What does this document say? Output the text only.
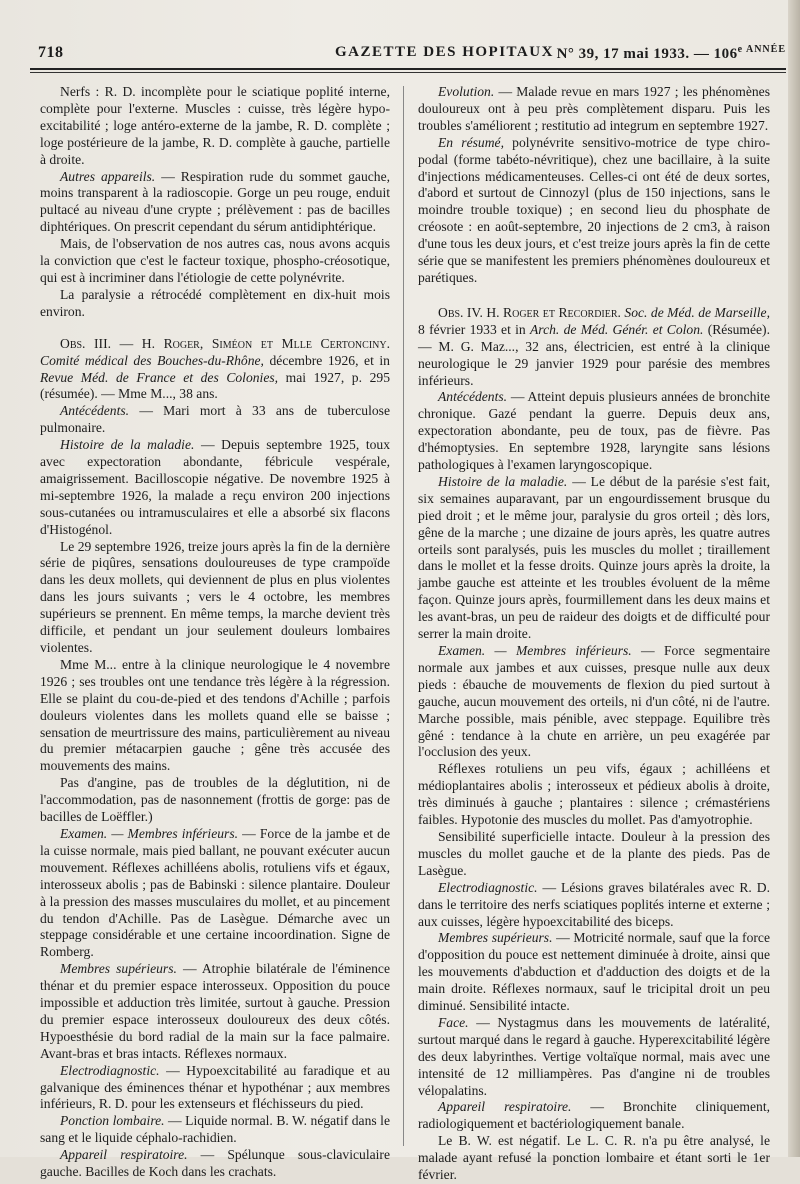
718	GAZETTE DES HOPITAUX N° 39, 17 mai 1933. — $106^{e ANNÉE}$

Nerfs : R. D. incomplète pour le sciatique poplité interne, complète pour l'externe. Muscles : cuisse, très légère hypo-excitabilité ; loge antéro-externe de la jambe, R. D. complète ; loge postérieure de la jambe, R. D. complète à gauche, partielle à droite.

Autres appareils. — Respiration rude du sommet gauche, moins transparent à la radioscopie. Gorge un peu rouge, enduit pultacé au niveau d'une crypte ; prélèvement : pas de bacilles diphtériques. On prescrit cependant du sérum antidiphtérique.

Mais, de l'observation de nos autres cas, nous avons acquis la conviction que c'est le facteur toxique, phospho-créosotique, qui est à incriminer dans l'étiologie de cette polynévrite.

La paralysie a rétrocédé complètement en dix-huit mois environ.

Obs. III. — H. Roger, Siméon et Mlle Certonciny. Comité médical des Bouches-du-Rhône, décembre 1926, et in Revue Méd. de France et des Colonies, mai 1927, p. 295 (résumée). — Mme M..., 38 ans.

Antécédents. — Mari mort à 33 ans de tuberculose pulmonaire.

Histoire de la maladie. — Depuis septembre 1925, toux avec expectoration abondante, fébricule vespérale, amaigrissement. Bacilloscopie négative. De novembre 1925 à mi-septembre 1926, la malade a reçu environ 200 injections sous-cutanées ou intramusculaires et elle a absorbé six flacons d'Histogénol.

Le 29 septembre 1926, treize jours après la fin de la dernière série de piqûres, sensations douloureuses de type crampoïde dans les deux mollets, qui deviennent de plus en plus violentes dans les jours suivants ; vers le 4 octobre, les membres supérieurs se prennent. En même temps, la marche devient très difficile, et pendant un jour seulement douleurs lombaires violentes.

Mme M... entre à la clinique neurologique le 4 novembre 1926 ; ses troubles ont une tendance très légère à la régression. Elle se plaint du cou-de-pied et des tendons d'Achille ; parfois douleurs violentes dans les mollets quand elle se baisse ; sensation de meurtrissure des mains, particulièrement au niveau du premier métacarpien gauche ; gêne très accusée des mouvements des mains.

Pas d'angine, pas de troubles de la déglutition, ni de l'accommodation, pas de nasonnement (frottis de gorge: pas de bacilles de Loëffler.)

Examen. — Membres inférieurs. — Force de la jambe et de la cuisse normale, mais pied ballant, ne pouvant exécuter aucun mouvement. Réflexes achilléens abolis, rotuliens vifs et égaux, interosseux abolis ; pas de Babinski : silence plantaire. Douleur à la pression des masses musculaires du mollet, et au pincement du tendon d'Achille. Pas de Lasègue. Démarche avec un steppage considérable et une certaine incoordination. Signe de Romberg.

Membres supérieurs. — Atrophie bilatérale de l'éminence thénar et du premier espace interosseux. Opposition du pouce impossible et adduction très limitée, surtout à gauche. Pression du premier espace interosseux douloureux des deux côtés. Hypoesthésie du bord radial de la main sur la face palmaire. Avant-bras et bras intacts. Réflexes normaux.

Electrodiagnostic. — Hypoexcitabilité au faradique et au galvanique des éminences thénar et hypothénar ; aux membres inférieurs, R. D. pour les extenseurs et fléchisseurs du pied.

Ponction lombaire. — Liquide normal. B. W. négatif dans le sang et le liquide céphalo-rachidien.

Appareil respiratoire. — Spélunque sous-claviculaire gauche. Bacilles de Koch dans les crachats.

Evolution. — Malade revue en mars 1927 ; les phénomènes douloureux ont à peu près complètement disparu. Puis les troubles s'améliorent ; restitutio ad integrum en septembre 1927.

En résumé, polynévrite sensitivo-motrice de type chiro-podal (forme tabéto-névritique), chez une bacillaire, à la suite d'injections médicamenteuses. Celles-ci ont été de deux sortes, d'abord et surtout de Cinnozyl (plus de 150 injections, sans le moindre trouble toxique) ; en second lieu du phosphate de créosote : en août-septembre, 20 injections de 2 cm3, à raison d'une tous les deux jours, et c'est treize jours après la fin de cette série que se manifestent les premiers phénomènes douloureux et parétiques.

Obs. IV. H. Roger et Recordier. Soc. de Méd. de Marseille, 8 février 1933 et in Arch. de Méd. Génér. et Colon. (Résumée). — M. G. Maz..., 32 ans, électricien, est entré à la clinique neurologique le 29 janvier 1929 pour parésie des membres inférieurs.

Antécédents. — Atteint depuis plusieurs années de bronchite chronique. Gazé pendant la guerre. Depuis deux ans, expectoration abondante, peu de toux, pas de fièvre. Pas d'hémoptysies. En septembre 1928, laryngite sans lésions pathologiques à l'examen laryngoscopique.

Histoire de la maladie. — Le début de la parésie s'est fait, six semaines auparavant, par un engourdissement brusque du pied droit ; et le même jour, paralysie du gros orteil ; dès lors, gêne de la marche ; une dizaine de jours après, les quatre autres orteils sont paralysés, puis les muscles du mollet ; tiraillement dans le mollet et la fesse droits. Quinze jours après la droite, la jambe gauche est atteinte et les troubles évoluent de la même façon. Quinze jours après, fourmillement dans les deux mains et les avant-bras, un peu de raideur des doigts et de difficulté pour serrer la main droite.

Examen. — Membres inférieurs. — Force segmentaire normale aux jambes et aux cuisses, presque nulle aux deux pieds : ébauche de mouvements de flexion du pied surtout à gauche, aucun mouvement des orteils, ni d'un côté, ni de l'autre. Marche possible, mais pénible, avec steppage. Equilibre très gêné : tendance à la chute en arrière, un peu exagérée par l'occlusion des yeux.

Réflexes rotuliens un peu vifs, égaux ; achilléens et médioplantaires abolis ; interosseux et pédieux abolis à droite, très diminués à gauche ; plantaires : silence ; crémastériens faibles. Hypotonie des muscles du mollet. Pas d'amyotrophie.

Sensibilité superficielle intacte. Douleur à la pression des muscles du mollet gauche et de la plante des pieds. Pas de Lasègue.

Electrodiagnostic. — Lésions graves bilatérales avec R. D. dans le territoire des nerfs sciatiques poplités interne et externe ; aux cuisses, légère hypoexcitabilité des biceps.

Membres supérieurs. — Motricité normale, sauf que la force d'opposition du pouce est nettement diminuée à droite, ainsi que les mouvements d'abduction et d'adduction des doigts et de la main droite. Réflexes normaux, sauf le tricipital droit un peu diminué. Sensibilité intacte.

Face. — Nystagmus dans les mouvements de latéralité, surtout marqué dans le regard à gauche. Hyperexcitabilité légère des deux labyrinthes. Vertige voltaïque normal, mais avec une intensité de 12 milliampères. Pas d'angine ni de troubles vélopalatins.

Appareil respiratoire. — Bronchite cliniquement, radiologiquement et bactériologiquement banale.

Le B. W. est négatif. Le L. C. R. n'a pu être analysé, le malade ayant refusé la ponction lombaire et étant sorti le 1er février.
